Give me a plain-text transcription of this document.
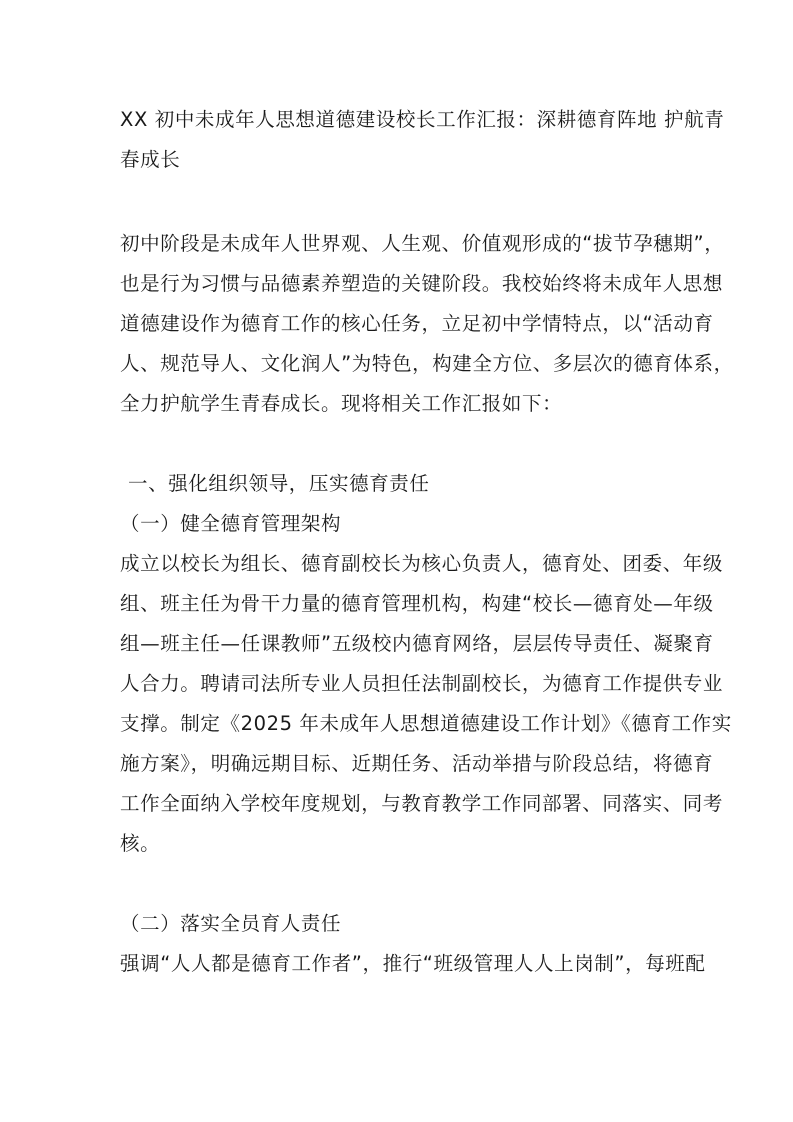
XX 初中未成年人思想道德建设校长工作汇报：深耕德育阵地 护航青
春成长
初中阶段是未成年人世界观、人生观、价值观形成的“拔节孕穗期”，
也是行为习惯与品德素养塑造的关键阶段。我校始终将未成年人思想
道德建设作为德育工作的核心任务，立足初中学情特点，以“活动育
人、规范导人、文化润人”为特色，构建全方位、多层次的德育体系，
全力护航学生青春成长。现将相关工作汇报如下：
一、强化组织领导，压实德育责任
（一）健全德育管理架构
成立以校长为组长、德育副校长为核心负责人，德育处、团委、年级
组、班主任为骨干力量的德育管理机构，构建“校长—德育处—年级
组—班主任—任课教师”五级校内德育网络，层层传导责任、凝聚育
人合力。聘请司法所专业人员担任法制副校长，为德育工作提供专业
支撑。制定《2025 年未成年人思想道德建设工作计划》《德育工作实
施方案》，明确远期目标、近期任务、活动举措与阶段总结，将德育
工作全面纳入学校年度规划，与教育教学工作同部署、同落实、同考
核。
（二）落实全员育人责任
强调“人人都是德育工作者”，推行“班级管理人人上岗制”，每班配
